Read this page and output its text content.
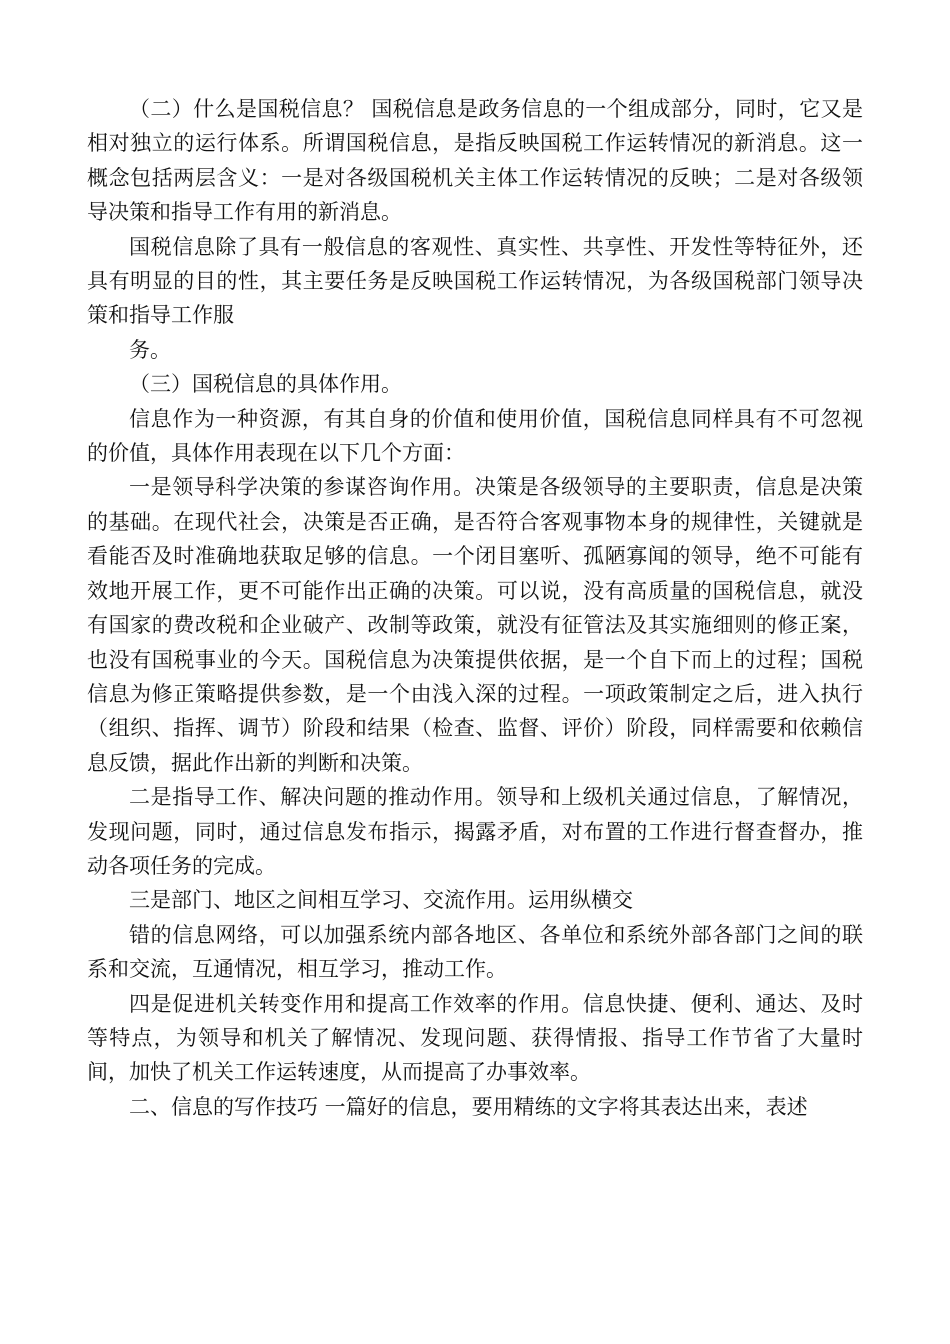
（二）什么是国税信息？ 国税信息是政务信息的一个组成部分，同时，它又是相对独立的运行体系。所谓国税信息，是指反映国税工作运转情况的新消息。这一概念包括两层含义：一是对各级国税机关主体工作运转情况的反映；二是对各级领导决策和指导工作有用的新消息。

国税信息除了具有一般信息的客观性、真实性、共享性、开发性等特征外，还具有明显的目的性，其主要任务是反映国税工作运转情况，为各级国税部门领导决策和指导工作服

务。

（三）国税信息的具体作用。

信息作为一种资源，有其自身的价值和使用价值，国税信息同样具有不可忽视的价值，具体作用表现在以下几个方面：

一是领导科学决策的参谋咨询作用。决策是各级领导的主要职责，信息是决策的基础。在现代社会，决策是否正确，是否符合客观事物本身的规律性，关键就是看能否及时准确地获取足够的信息。一个闭目塞听、孤陋寡闻的领导，绝不可能有效地开展工作，更不可能作出正确的决策。可以说，没有高质量的国税信息，就没有国家的费改税和企业破产、改制等政策，就没有征管法及其实施细则的修正案，也没有国税事业的今天。国税信息为决策提供依据，是一个自下而上的过程；国税信息为修正策略提供参数，是一个由浅入深的过程。一项政策制定之后，进入执行（组织、指挥、调节）阶段和结果（检查、监督、评价）阶段，同样需要和依赖信息反馈，据此作出新的判断和决策。

二是指导工作、解决问题的推动作用。领导和上级机关通过信息，了解情况，发现问题，同时，通过信息发布指示，揭露矛盾，对布置的工作进行督查督办，推动各项任务的完成。

三是部门、地区之间相互学习、交流作用。运用纵横交

错的信息网络，可以加强系统内部各地区、各单位和系统外部各部门之间的联系和交流，互通情况，相互学习，推动工作。

四是促进机关转变作用和提高工作效率的作用。信息快捷、便利、通达、及时等特点，为领导和机关了解情况、发现问题、获得情报、指导工作节省了大量时间，加快了机关工作运转速度，从而提高了办事效率。

二、信息的写作技巧 一篇好的信息，要用精练的文字将其表达出来，表述
